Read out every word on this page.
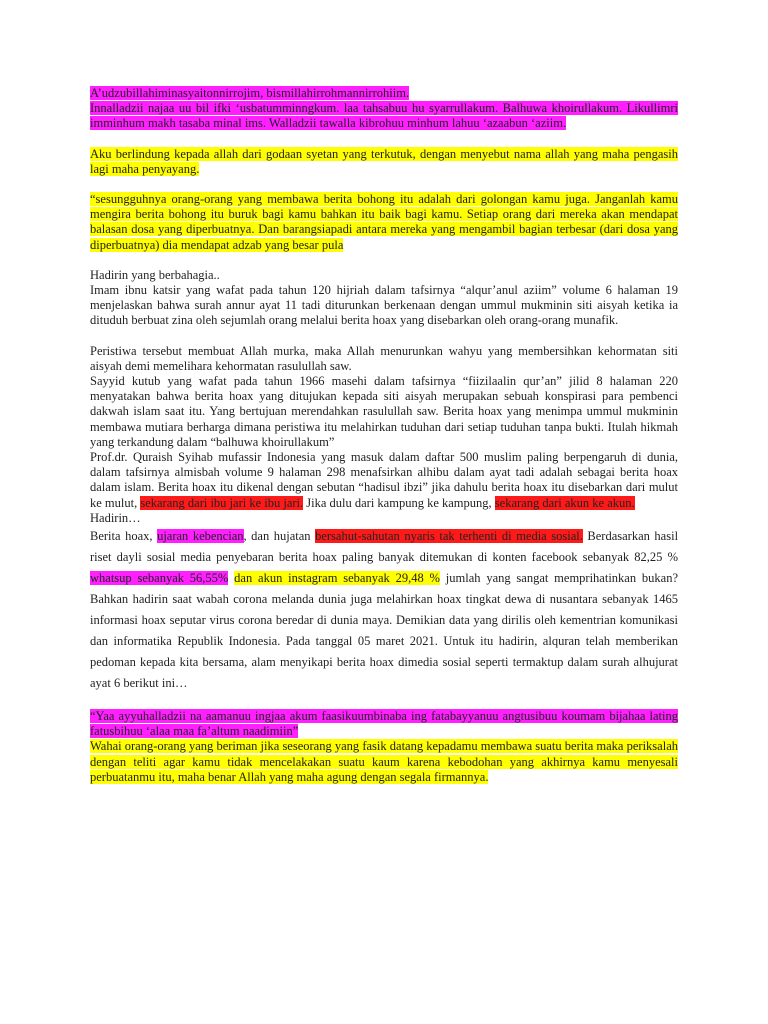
A’udzubillahiminasyaitonnirrojim, bismillahirrohmannirrohiim.
Innalladzii najaa uu bil ifki ‘usbatumminngkum. laa tahsabuu hu syarrullakum. Balhuwa khoirullakum. Likullimri imminhum makh tasaba minal ims. Walladzii tawalla kibrohuu minhum lahuu ‘azaabun ‘aziim.

Aku berlindung kepada allah dari godaan syetan yang terkutuk, dengan menyebut nama allah yang maha pengasih lagi maha penyayang.

“sesungguhnya orang-orang yang membawa berita bohong itu adalah dari golongan kamu juga. Janganlah kamu mengira berita bohong itu buruk bagi kamu bahkan itu baik bagi kamu. Setiap orang dari mereka akan mendapat balasan dosa yang diperbuatnya. Dan barangsiapadi antara mereka yang mengambil bagian terbesar (dari dosa yang diperbuatnya) dia mendapat adzab yang besar pula

Hadirin yang berbahagia..

Imam ibnu katsir yang wafat pada tahun 120 hijriah dalam tafsirnya “alqur’anul aziim” volume 6 halaman 19 menjelaskan bahwa surah annur ayat 11 tadi diturunkan berkenaan dengan ummul mukminin siti aisyah ketika ia dituduh berbuat zina oleh sejumlah orang melalui berita hoax yang disebarkan oleh orang-orang munafik.

Peristiwa tersebut membuat Allah murka, maka Allah menurunkan wahyu yang membersihkan kehormatan siti aisyah demi memelihara kehormatan rasulullah saw.

Sayyid kutub yang wafat pada tahun 1966 masehi dalam tafsirnya “fiizilaalin qur’an” jilid 8 halaman 220 menyatakan bahwa berita hoax yang ditujukan kepada siti aisyah merupakan sebuah konspirasi para pembenci dakwah islam saat itu. Yang bertujuan merendahkan rasulullah saw. Berita hoax yang menimpa ummul mukminin membawa mutiara berharga dimana peristiwa itu melahirkan tuduhan dari setiap tuduhan tanpa bukti. Itulah hikmah yang terkandung dalam “balhuwa khoirullakum”

Prof.dr. Quraish Syihab mufassir Indonesia yang masuk dalam daftar 500 muslim paling berpengaruh di dunia, dalam tafsirnya almisbah volume 9 halaman 298 menafsirkan alhibu dalam ayat tadi adalah sebagai berita hoax dalam islam. Berita hoax itu dikenal dengan sebutan “hadisul ibzi” jika dahulu berita hoax itu disebarkan dari mulut ke mulut, sekarang dari ibu jari ke ibu jari. Jika dulu dari kampung ke kampung, sekarang dari akun ke akun.

Hadirin…

Berita hoax, ujaran kebencian, dan hujatan bersahut-sahutan nyaris tak terhenti di media sosial. Berdasarkan hasil riset dayli sosial media penyebaran berita hoax paling banyak ditemukan di konten facebook sebanyak 82,25 % whatsup sebanyak 56,55% dan akun instagram sebanyak 29,48 % jumlah yang sangat memprihatinkan bukan? Bahkan hadirin saat wabah corona melanda dunia juga melahirkan hoax tingkat dewa di nusantara sebanyak 1465 informasi hoax seputar virus corona beredar di dunia maya. Demikian data yang dirilis oleh kementrian komunikasi dan informatika Republik Indonesia. Pada tanggal 05 maret 2021. Untuk itu hadirin, alquran telah memberikan pedoman kepada kita bersama, alam menyikapi berita hoax dimedia sosial seperti termaktup dalam surah alhujurat ayat 6 berikut ini…

“Yaa ayyuhalladzii na aamanuu ingjaa akum faasikuumbinaba ing fatabayyanuu angtusibuu koumam bijahaa lating fatusbihuu ‘alaa maa fa’altum naadimiin”

Wahai orang-orang yang beriman jika seseorang yang fasik datang kepadamu membawa suatu berita maka periksalah dengan teliti agar kamu tidak mencelakakan suatu kaum karena kebodohan yang akhirnya kamu menyesali perbuatanmu itu, maha benar Allah yang maha agung dengan segala firmannya.
